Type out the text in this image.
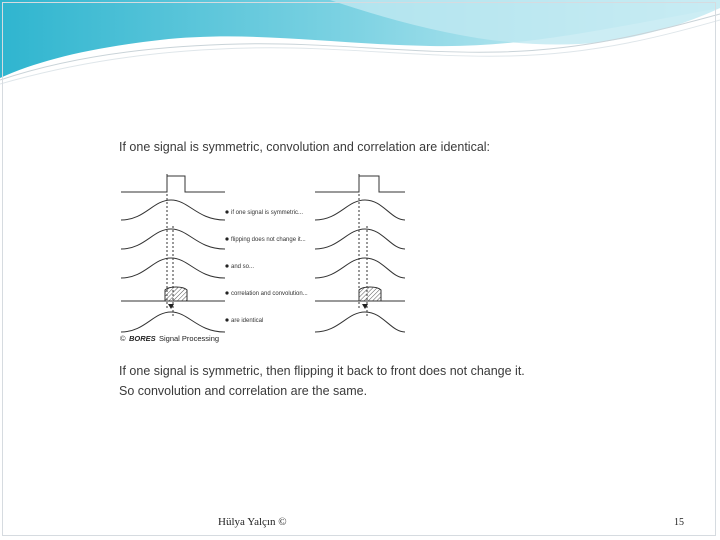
If one signal is symmetric, convolution and correlation are identical:
if one signal is symmetric...
flipping does not change it...
and so...
correlation and convolution...
are identical
© BORES Signal Processing
If one signal is symmetric, then flipping it back to front does not change it.
So convolution and correlation are the same.
Hülya Yalçın ©	15
